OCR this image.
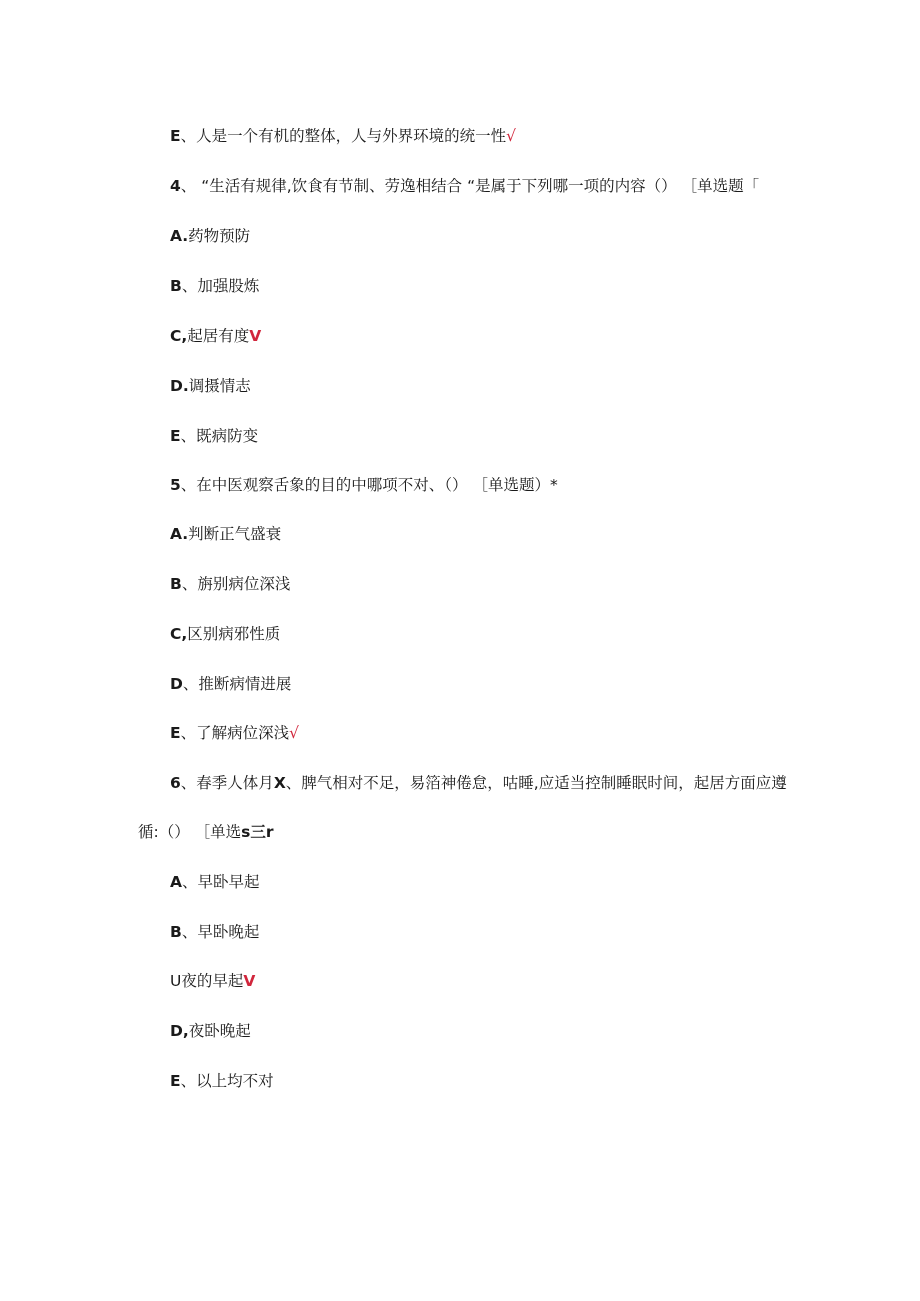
E、人是一个有机的整体，人与外界环境的统一性√
4、 “生活有规律,饮食有节制、劳逸相结合 “是属于下列哪一项的内容（） ［单选题「
A.药物预防
B、加强股炼
C,起居有度V
D.调摄情志
E、既病防变
5、在中医观察舌象的目的中哪项不对、（） ［单选题）*
A.判断正气盛衰
B、旃别病位深浅
C,区别病邪性质
D、推断病情进展
E、了解病位深浅√
6、春季人体月X、脾气相对不足，易箔神倦怠，咕睡,应适当控制睡眠时间，起居方面应遵
循:（） ［单选s三r
A、早卧早起
B、早卧晚起
U夜的早起V
D,夜卧晚起
E、以上均不对
